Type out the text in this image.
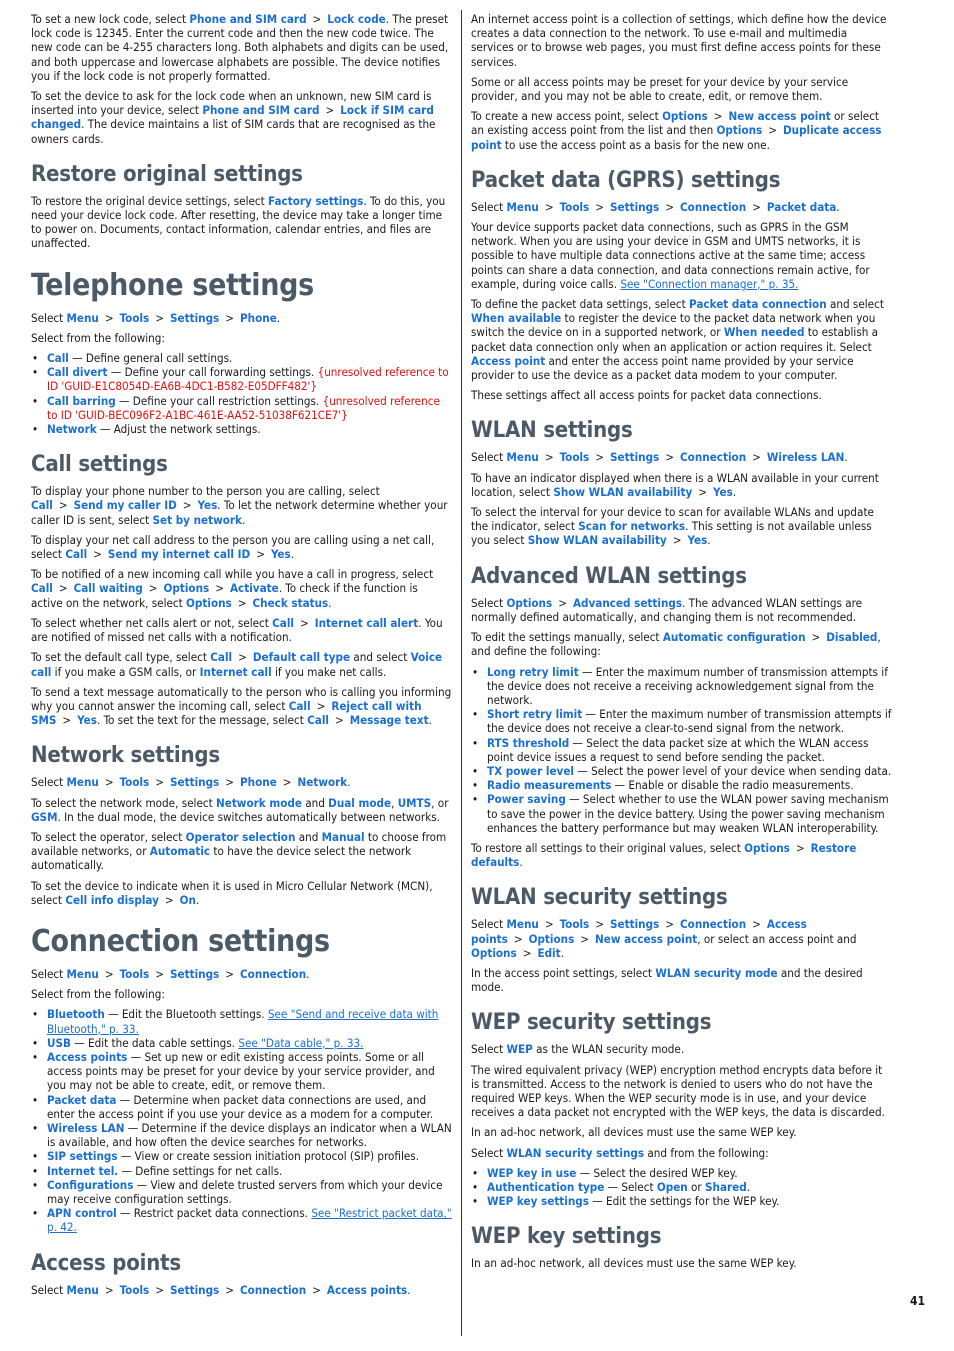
To set a new lock code, select Phone and SIM card > Lock code. The preset lock code is 12345. Enter the current code and then the new code twice. The new code can be 4-255 characters long. Both alphabets and digits can be used, and both uppercase and lowercase alphabets are possible. The device notifies you if the lock code is not properly formatted.

To set the device to ask for the lock code when an unknown, new SIM card is inserted into your device, select Phone and SIM card > Lock if SIM card changed. The device maintains a list of SIM cards that are recognised as the owners cards.

Restore original settings

To restore the original device settings, select Factory settings. To do this, you need your device lock code. After resetting, the device may take a longer time to power on. Documents, contact information, calendar entries, and files are unaffected.

Telephone settings

Select Menu > Tools > Settings > Phone.

Select from the following:

• Call — Define general call settings.
• Call divert — Define your call forwarding settings. {unresolved reference to ID 'GUID-E1C8054D-EA6B-4DC1-B582-E05DFF482'}
• Call barring — Define your call restriction settings. {unresolved reference to ID 'GUID-BEC096F2-A1BC-461E-AA52-51038F621CE7'}
• Network — Adjust the network settings.
Call settings

To display your phone number to the person you are calling, select Call > Send my caller ID > Yes. To let the network determine whether your caller ID is sent, select Set by network.

To display your net call address to the person you are calling using a net call, select Call > Send my internet call ID > Yes.

To be notified of a new incoming call while you have a call in progress, select Call > Call waiting > Options > Activate. To check if the function is active on the network, select Options > Check status.

To select whether net calls alert or not, select Call > Internet call alert. You are notified of missed net calls with a notification.

To set the default call type, select Call > Default call type and select Voice call if you make a GSM calls, or Internet call if you make net calls.

To send a text message automatically to the person who is calling you informing why you cannot answer the incoming call, select Call > Reject call with SMS > Yes. To set the text for the message, select Call > Message text.

Network settings

Select Menu > Tools > Settings > Phone > Network.

To select the network mode, select Network mode and Dual mode, UMTS, or GSM. In the dual mode, the device switches automatically between networks.

To select the operator, select Operator selection and Manual to choose from available networks, or Automatic to have the device select the network automatically.

To set the device to indicate when it is used in Micro Cellular Network (MCN), select Cell info display > On.

Connection settings

Select Menu > Tools > Settings > Connection.

Select from the following:

• Bluetooth — Edit the Bluetooth settings. See "Send and receive data with Bluetooth," p. 33.
• USB — Edit the data cable settings. See "Data cable," p. 33.
• Access points — Set up new or edit existing access points. Some or all access points may be preset for your device by your service provider, and you may not be able to create, edit, or remove them.
• Packet data — Determine when packet data connections are used, and enter the access point if you use your device as a modem for a computer.
• Wireless LAN — Determine if the device displays an indicator when a WLAN is available, and how often the device searches for networks.
• SIP settings — View or create session initiation protocol (SIP) profiles.
• Internet tel. — Define settings for net calls.
• Configurations — View and delete trusted servers from which your device may receive configuration settings.
• APN control — Restrict packet data connections. See "Restrict packet data," p. 42.
Access points

Select Menu > Tools > Settings > Connection > Access points.

An internet access point is a collection of settings, which define how the device creates a data connection to the network. To use e-mail and multimedia services or to browse web pages, you must first define access points for these services.

Some or all access points may be preset for your device by your service provider, and you may not be able to create, edit, or remove them.

To create a new access point, select Options > New access point or select an existing access point from the list and then Options > Duplicate access point to use the access point as a basis for the new one.

Packet data (GPRS) settings

Select Menu > Tools > Settings > Connection > Packet data.

Your device supports packet data connections, such as GPRS in the GSM network. When you are using your device in GSM and UMTS networks, it is possible to have multiple data connections active at the same time; access points can share a data connection, and data connections remain active, for example, during voice calls. See "Connection manager," p. 35.

To define the packet data settings, select Packet data connection and select When available to register the device to the packet data network when you switch the device on in a supported network, or When needed to establish a packet data connection only when an application or action requires it. Select Access point and enter the access point name provided by your service provider to use the device as a packet data modem to your computer.

These settings affect all access points for packet data connections.

WLAN settings

Select Menu > Tools > Settings > Connection > Wireless LAN.

To have an indicator displayed when there is a WLAN available in your current location, select Show WLAN availability > Yes.

To select the interval for your device to scan for available WLANs and update the indicator, select Scan for networks. This setting is not available unless you select Show WLAN availability > Yes.

Advanced WLAN settings

Select Options > Advanced settings. The advanced WLAN settings are normally defined automatically, and changing them is not recommended.

To edit the settings manually, select Automatic configuration > Disabled, and define the following:

• Long retry limit — Enter the maximum number of transmission attempts if the device does not receive a receiving acknowledgement signal from the network.
• Short retry limit — Enter the maximum number of transmission attempts if the device does not receive a clear-to-send signal from the network.
• RTS threshold — Select the data packet size at which the WLAN access point device issues a request to send before sending the packet.
• TX power level — Select the power level of your device when sending data.
• Radio measurements — Enable or disable the radio measurements.
• Power saving — Select whether to use the WLAN power saving mechanism to save the power in the device battery. Using the power saving mechanism enhances the battery performance but may weaken WLAN interoperability.

To restore all settings to their original values, select Options > Restore defaults.

WLAN security settings

Select Menu > Tools > Settings > Connection > Access points > Options > New access point, or select an access point and Options > Edit.

In the access point settings, select WLAN security mode and the desired mode.

WEP security settings

Select WEP as the WLAN security mode.

The wired equivalent privacy (WEP) encryption method encrypts data before it is transmitted. Access to the network is denied to users who do not have the required WEP keys. When the WEP security mode is in use, and your device receives a data packet not encrypted with the WEP keys, the data is discarded.

In an ad-hoc network, all devices must use the same WEP key.

Select WLAN security settings and from the following:

• WEP key in use — Select the desired WEP key.
• Authentication type — Select Open or Shared.
• WEP key settings — Edit the settings for the WEP key.
WEP key settings

In an ad-hoc network, all devices must use the same WEP key.

41
